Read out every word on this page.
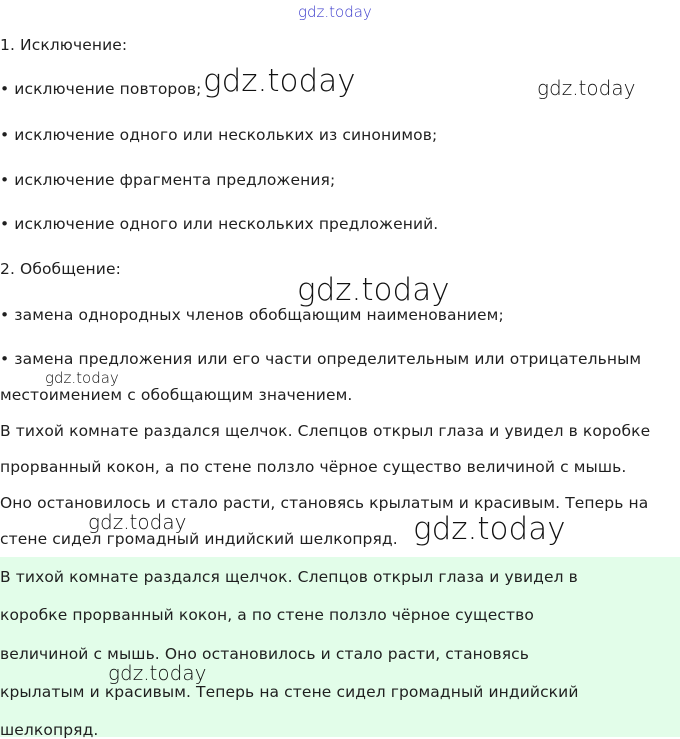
1. Исключение:

• исключение повторов;

• исключение одного или нескольких из синонимов;

• исключение фрагмента предложения;

• исключение одного или нескольких предложений.

2. Обобщение:

• замена однородных членов обобщающим наименованием;

• замена предложения или его части определительным или отрицательным

местоимением с обобщающим значением.

В тихой комнате раздался щелчок. Слепцов открыл глаза и увидел в коробке

прорванный кокон, а по стене ползло чёрное существо величиной с мышь.

Оно остановилось и стало расти, становясь крылатым и красивым. Теперь на

стене сидел громадный индийский шелкопряд.

В тихой комнате раздался щелчок. Слепцов открыл глаза и увидел в

коробке прорванный кокон, а по стене ползло чёрное существо

величиной с мышь. Оно остановилось и стало расти, становясь

крылатым и красивым. Теперь на стене сидел громадный индийский

шелкопряд.

gdz.today
gdz.today	gdz.today
gdz.today
gdz.today
gdz.today	gdz.today
gdz.today
